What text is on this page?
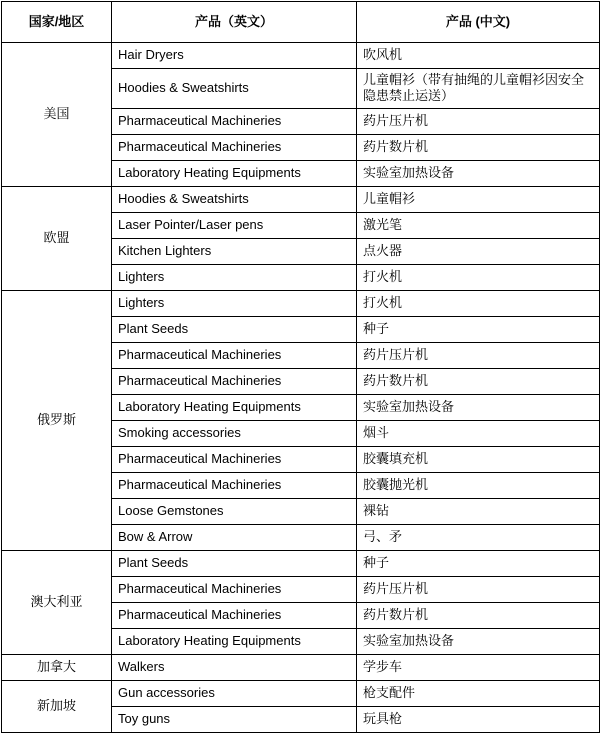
国家/地区	产品（英文）	产品 (中文)
美国	Hair Dryers	吹风机
	Hoodies & Sweatshirts	儿童帽衫（带有抽绳的儿童帽衫因安全
隐患禁止运送）
	Pharmaceutical Machineries	药片压片机
	Pharmaceutical Machineries	药片数片机
	Laboratory Heating Equipments	实验室加热设备
欧盟	Hoodies & Sweatshirts	儿童帽衫
	Laser Pointer/Laser pens	激光笔
	Kitchen Lighters	点火器
	Lighters	打火机
俄罗斯	Lighters	打火机
	Plant Seeds	种子
	Pharmaceutical Machineries	药片压片机
	Pharmaceutical Machineries	药片数片机
	Laboratory Heating Equipments	实验室加热设备
	Smoking accessories	烟斗
	Pharmaceutical Machineries	胶囊填充机
	Pharmaceutical Machineries	胶囊抛光机
	Loose Gemstones	裸钻
	Bow & Arrow	弓、矛
澳大利亚	Plant Seeds	种子
	Pharmaceutical Machineries	药片压片机
	Pharmaceutical Machineries	药片数片机
	Laboratory Heating Equipments	实验室加热设备
加拿大	Walkers	学步车
新加坡	Gun accessories	枪支配件
	Toy guns	玩具枪
